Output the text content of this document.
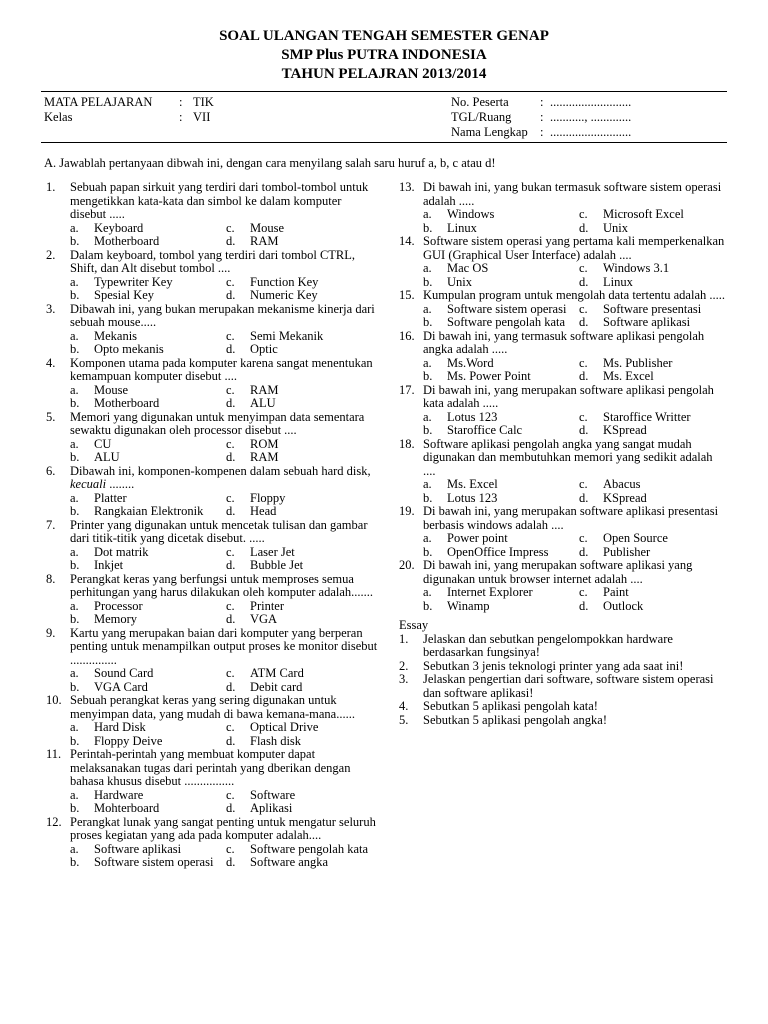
SOAL ULANGAN TENGAH SEMESTER GENAP
SMP Plus PUTRA INDONESIA
TAHUN PELAJRAN 2013/2014
MATA PELAJARAN	: TIK
Kelas	: VII
No. Peserta	: ..........................
TGL/Ruang	: ..........., .............
Nama Lengkap : ..........................
A. Jawablah pertanyaan dibwah ini, dengan cara menyilang salah saru huruf a, b, c atau d!
1.	Sebuah papan sirkuit yang terdiri dari tombol-tombol untuk mengetikkan kata-kata dan simbol ke dalam komputer disebut .....
a.	Keyboard	c.	Mouse
b.	Motherboard	d.	RAM
2.	Dalam keyboard, tombol yang terdiri dari tombol CTRL, Shift, dan Alt disebut tombol ....
a.	Typewriter Key	c.	Function Key
b.	Spesial Key	d.	Numeric Key
3.	Dibawah ini, yang bukan merupakan mekanisme kinerja dari sebuah mouse.....
a.	Mekanis	c.	Semi Mekanik
b.	Opto mekanis	d.	Optic
4.	Komponen utama pada komputer karena sangat menentukan kemampuan komputer disebut ....
a.	Mouse	c.	RAM
b.	Motherboard	d.	ALU
5.	Memori yang digunakan untuk menyimpan data sementara sewaktu digunakan oleh processor disebut ....
a.	CU	c.	ROM
b.	ALU	d.	RAM
6.	Dibawah ini, komponen-kompenen dalam sebuah hard disk, kecuali ........
a.	Platter	c.	Floppy
b.	Rangkaian Elektronik d.	Head
7.	Printer yang digunakan untuk mencetak tulisan dan gambar dari titik-titik yang dicetak disebut. .....
a.	Dot matrik	c.	Laser Jet
b.	Inkjet	d.	Bubble Jet
8.	Perangkat keras yang berfungsi untuk memproses semua perhitungan yang harus dilakukan oleh komputer adalah.......
a.	Processor	c.	Printer
b.	Memory	d.	VGA
9.	Kartu yang merupakan baian dari komputer yang berperan penting untuk menampilkan output proses ke monitor disebut ...............
a.	Sound Card	c.	ATM Card
b.	VGA Card	d.	Debit card
10. Sebuah perangkat keras yang sering digunakan untuk menyimpan data, yang mudah di bawa kemana-mana......
a.	Hard Disk	c.	Optical Drive
b.	Floppy Deive	d.	Flash disk
11. Perintah-perintah yang membuat komputer dapat melaksanakan tugas dari perintah yang dberikan dengan bahasa khusus disebut ................
a.	Hardware	c.	Software
b.	Mohterboard	d.	Aplikasi
12. Perangkat lunak yang sangat penting untuk mengatur seluruh proses kegiatan yang ada pada komputer adalah....
a.	Software aplikasi	c.	Software pengolah kata
b.	Software sistem operasi d.	Software angka
13. Di bawah ini, yang bukan termasuk software sistem operasi adalah .....
a.	Windows	c.	Microsoft Excel
b.	Linux	d.	Unix
14. Software sistem operasi yang pertama kali memperkenalkan GUI (Graphical User Interface) adalah ....
a.	Mac OS	c.	Windows 3.1
b.	Unix	d.	Linux
15. Kumpulan program untuk mengolah data tertentu adalah .....
a.	Software sistem operasi c.	Software presentasi
b.	Software pengolah kata d.	Software aplikasi
16. Di bawah ini, yang termasuk software aplikasi pengolah angka adalah .....
a.	Ms.Word	c.	Ms. Publisher
b.	Ms. Power Point	d.	Ms. Excel
17. Di bawah ini, yang merupakan software aplikasi pengolah kata adalah .....
a.	Lotus 123	c.	Staroffice Writter
b.	Staroffice Calc	d.	KSpread
18. Software aplikasi pengolah angka yang sangat mudah digunakan dan membutuhkan memori yang sedikit adalah ....
a.	Ms. Excel	c.	Abacus
b.	Lotus 123	d.	KSpread
19. Di bawah ini, yang merupakan software aplikasi presentasi berbasis windows adalah ....
a.	Power point	c.	Open Source
b.	OpenOffice Impress d.	Publisher
20. Di bawah ini, yang merupakan software aplikasi yang digunakan untuk browser internet adalah ....
a.	Internet Explorer	c.	Paint
b.	Winamp	d.	Outlock
Essay
1.	Jelaskan dan sebutkan pengelompokkan hardware berdasarkan fungsinya!
2.	Sebutkan 3 jenis teknologi printer yang ada saat ini!
3.	Jelaskan pengertian dari software, software sistem operasi dan software aplikasi!
4.	Sebutkan 5 aplikasi pengolah kata!
5.	Sebutkan 5 aplikasi pengolah angka!
